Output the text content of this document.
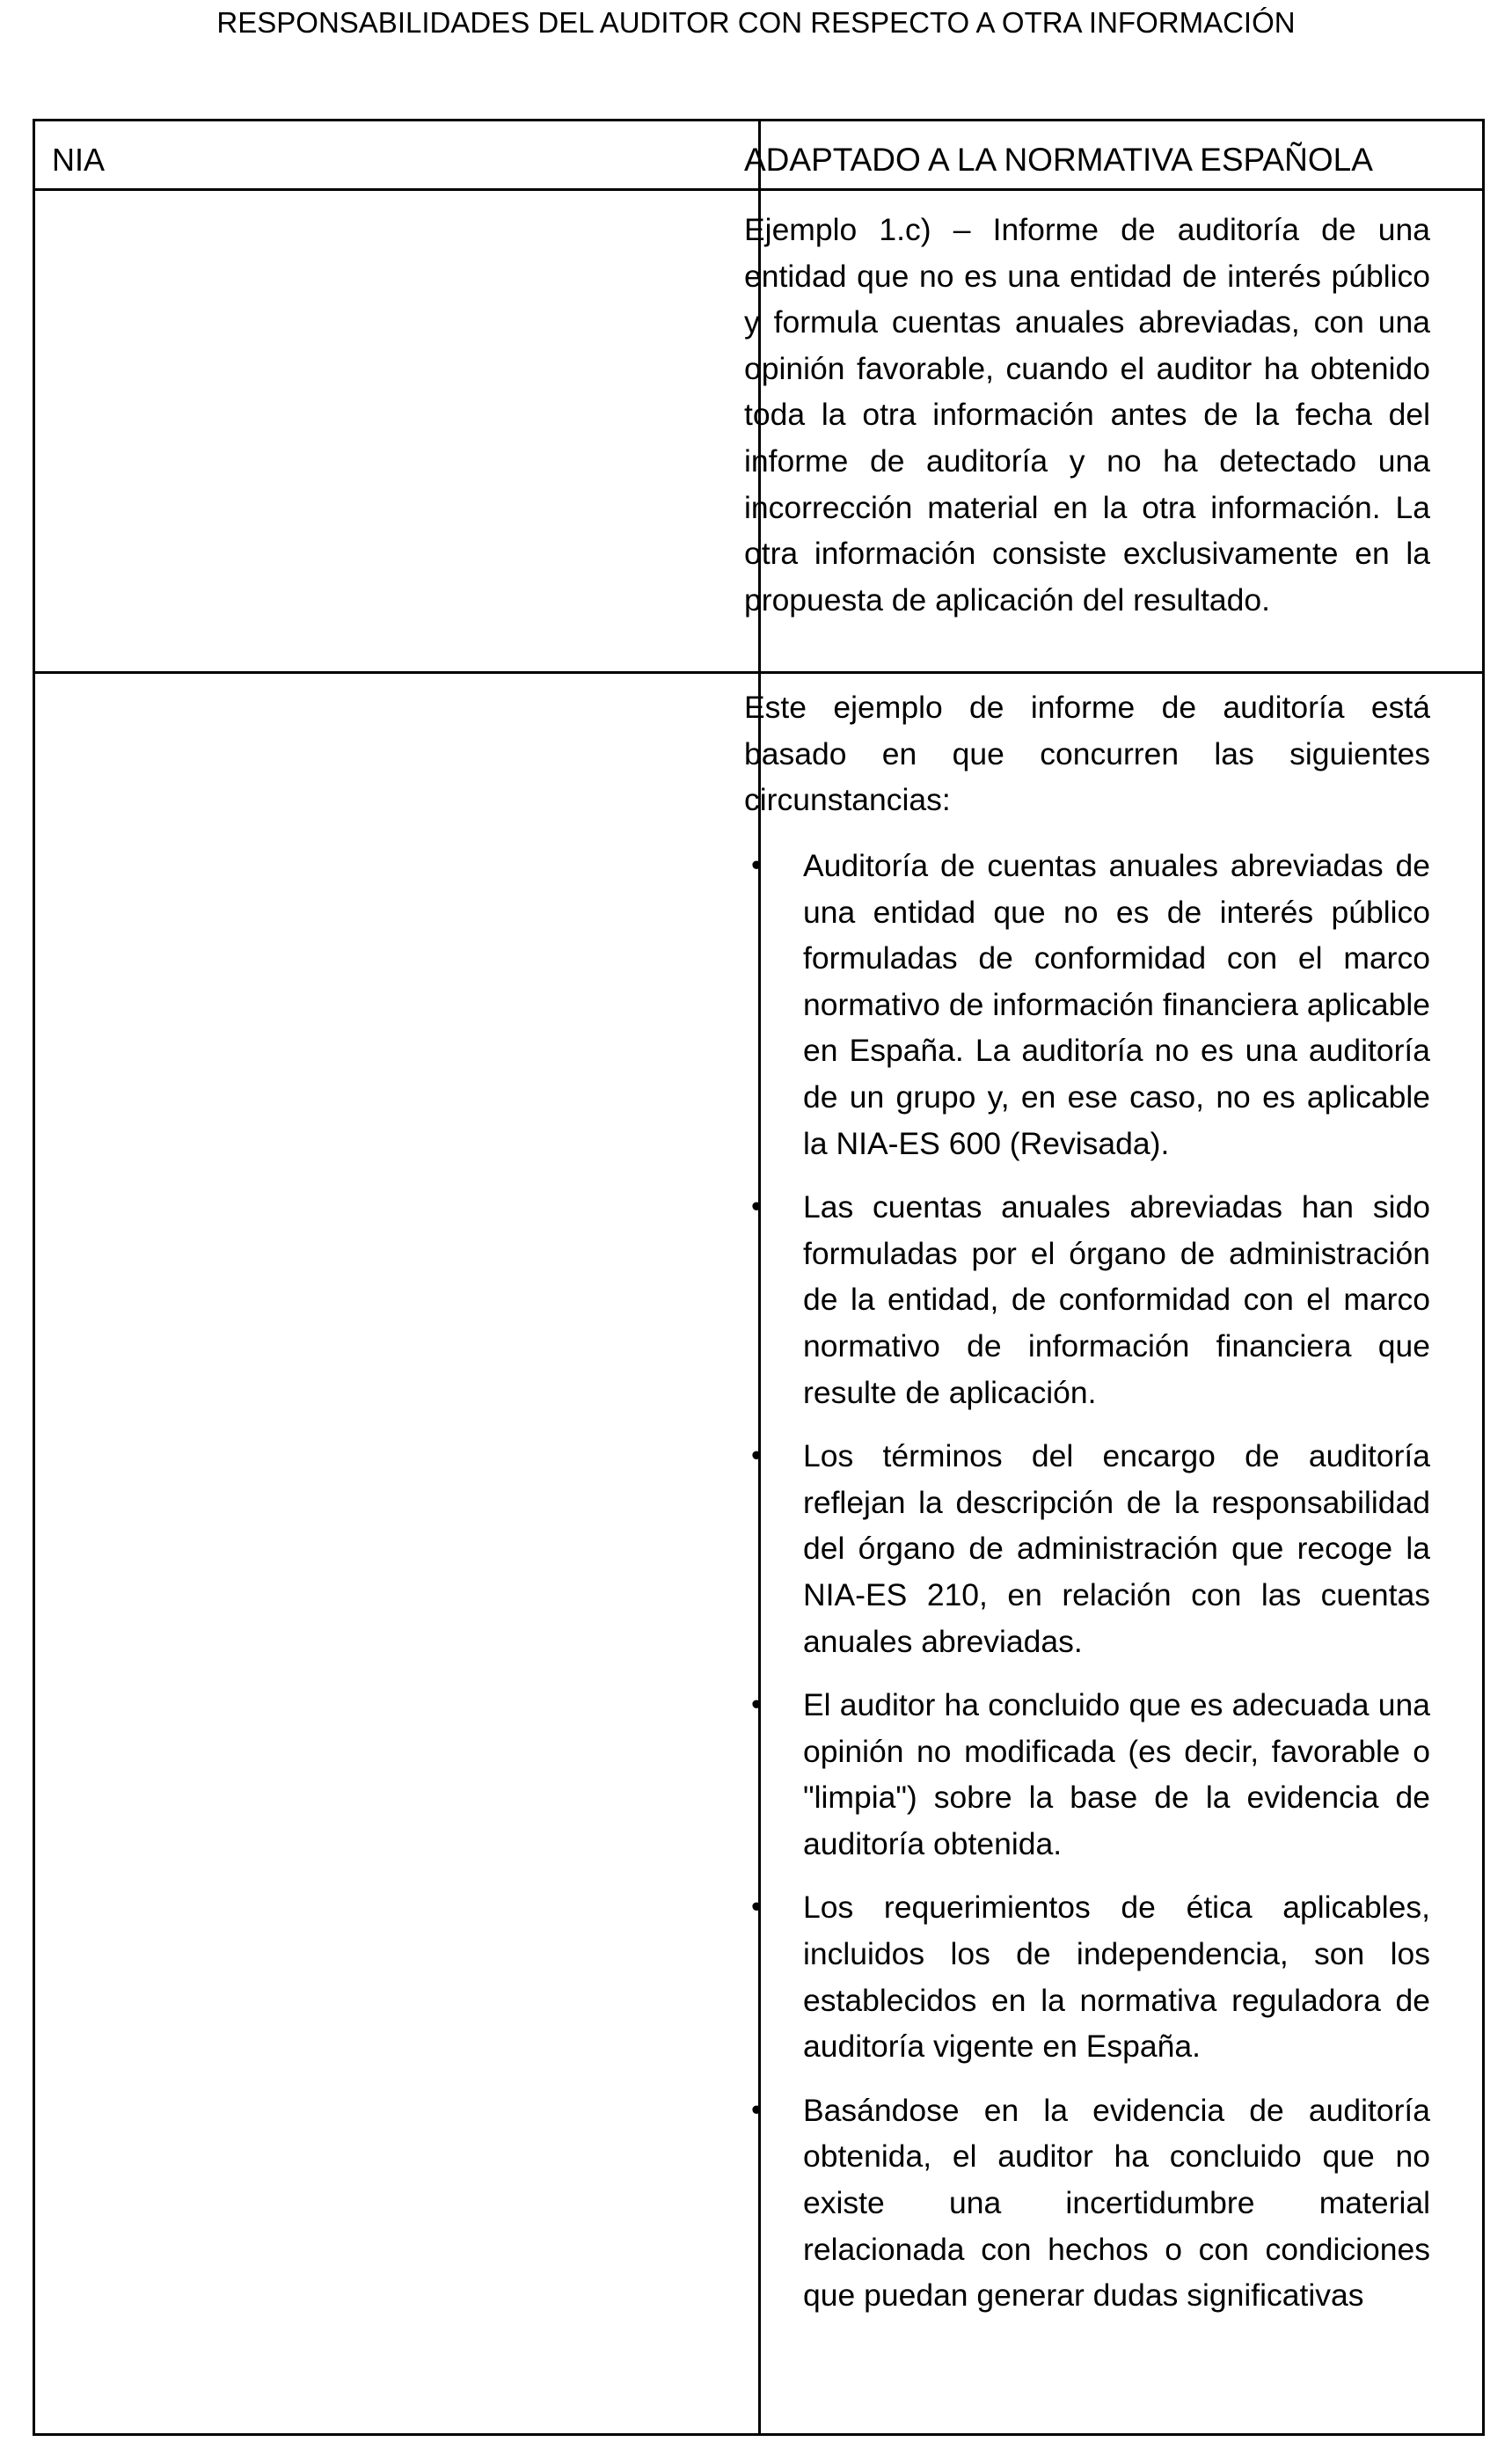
RESPONSABILIDADES DEL AUDITOR CON RESPECTO A OTRA INFORMACIÓN
NIA	ADAPTADO A LA NORMATIVA ESPAÑOLA
Ejemplo 1.c) – Informe de auditoría de una entidad que no es una entidad de interés público y formula cuentas anuales abreviadas, con una opinión favorable, cuando el auditor ha obtenido toda la otra información antes de la fecha del informe de auditoría y no ha detectado una incorrección material en la otra información. La otra información consiste exclusivamente en la propuesta de aplicación del resultado.
Este ejemplo de informe de auditoría está basado en que concurren las siguientes circunstancias:
• Auditoría de cuentas anuales abreviadas de una entidad que no es de interés público formuladas de conformidad con el marco normativo de información financiera aplicable en España. La auditoría no es una auditoría de un grupo y, en ese caso, no es aplicable la NIA-ES 600 (Revisada).
• Las cuentas anuales abreviadas han sido formuladas por el órgano de administración de la entidad, de conformidad con el marco normativo de información financiera que resulte de aplicación.
• Los términos del encargo de auditoría reflejan la descripción de la responsabilidad del órgano de administración que recoge la NIA-ES 210, en relación con las cuentas anuales abreviadas.
• El auditor ha concluido que es adecuada una opinión no modificada (es decir, favorable o "limpia") sobre la base de la evidencia de auditoría obtenida.
• Los requerimientos de ética aplicables, incluidos los de independencia, son los establecidos en la normativa reguladora de auditoría vigente en España.
• Basándose en la evidencia de auditoría obtenida, el auditor ha concluido que no existe una incertidumbre material relacionada con hechos o con condiciones que puedan generar dudas significativas
